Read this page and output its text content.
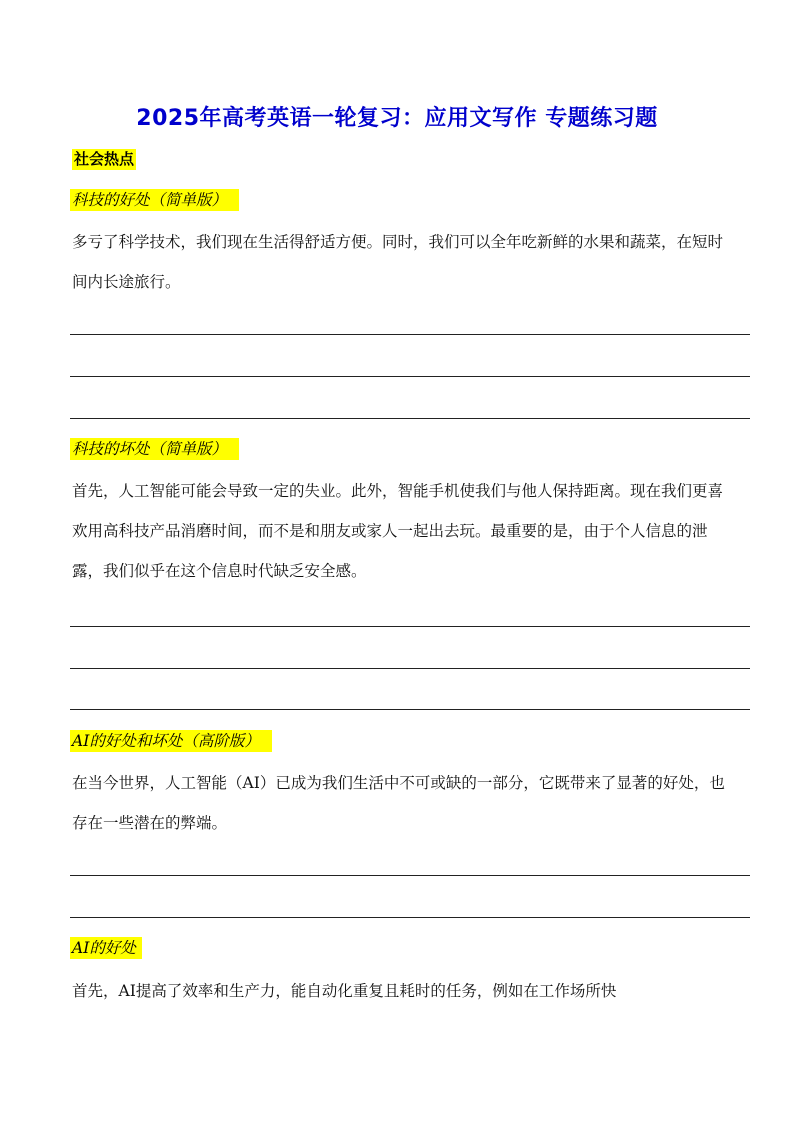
2025年高考英语一轮复习：应用文写作 专题练习题
社会热点
科技的好处（简单版）
多亏了科学技术，我们现在生活得舒适方便。同时，我们可以全年吃新鲜的水果和蔬菜，在短时间内长途旅行。
科技的坏处（简单版）
首先，人工智能可能会导致一定的失业。此外，智能手机使我们与他人保持距离。现在我们更喜欢用高科技产品消磨时间，而不是和朋友或家人一起出去玩。最重要的是，由于个人信息的泄露，我们似乎在这个信息时代缺乏安全感。
AI的好处和坏处（高阶版）
在当今世界，人工智能（AI）已成为我们生活中不可或缺的一部分，它既带来了显著的好处，也存在一些潜在的弊端。
AI的好处
首先，AI提高了效率和生产力，能自动化重复且耗时的任务，例如在工作场所快
